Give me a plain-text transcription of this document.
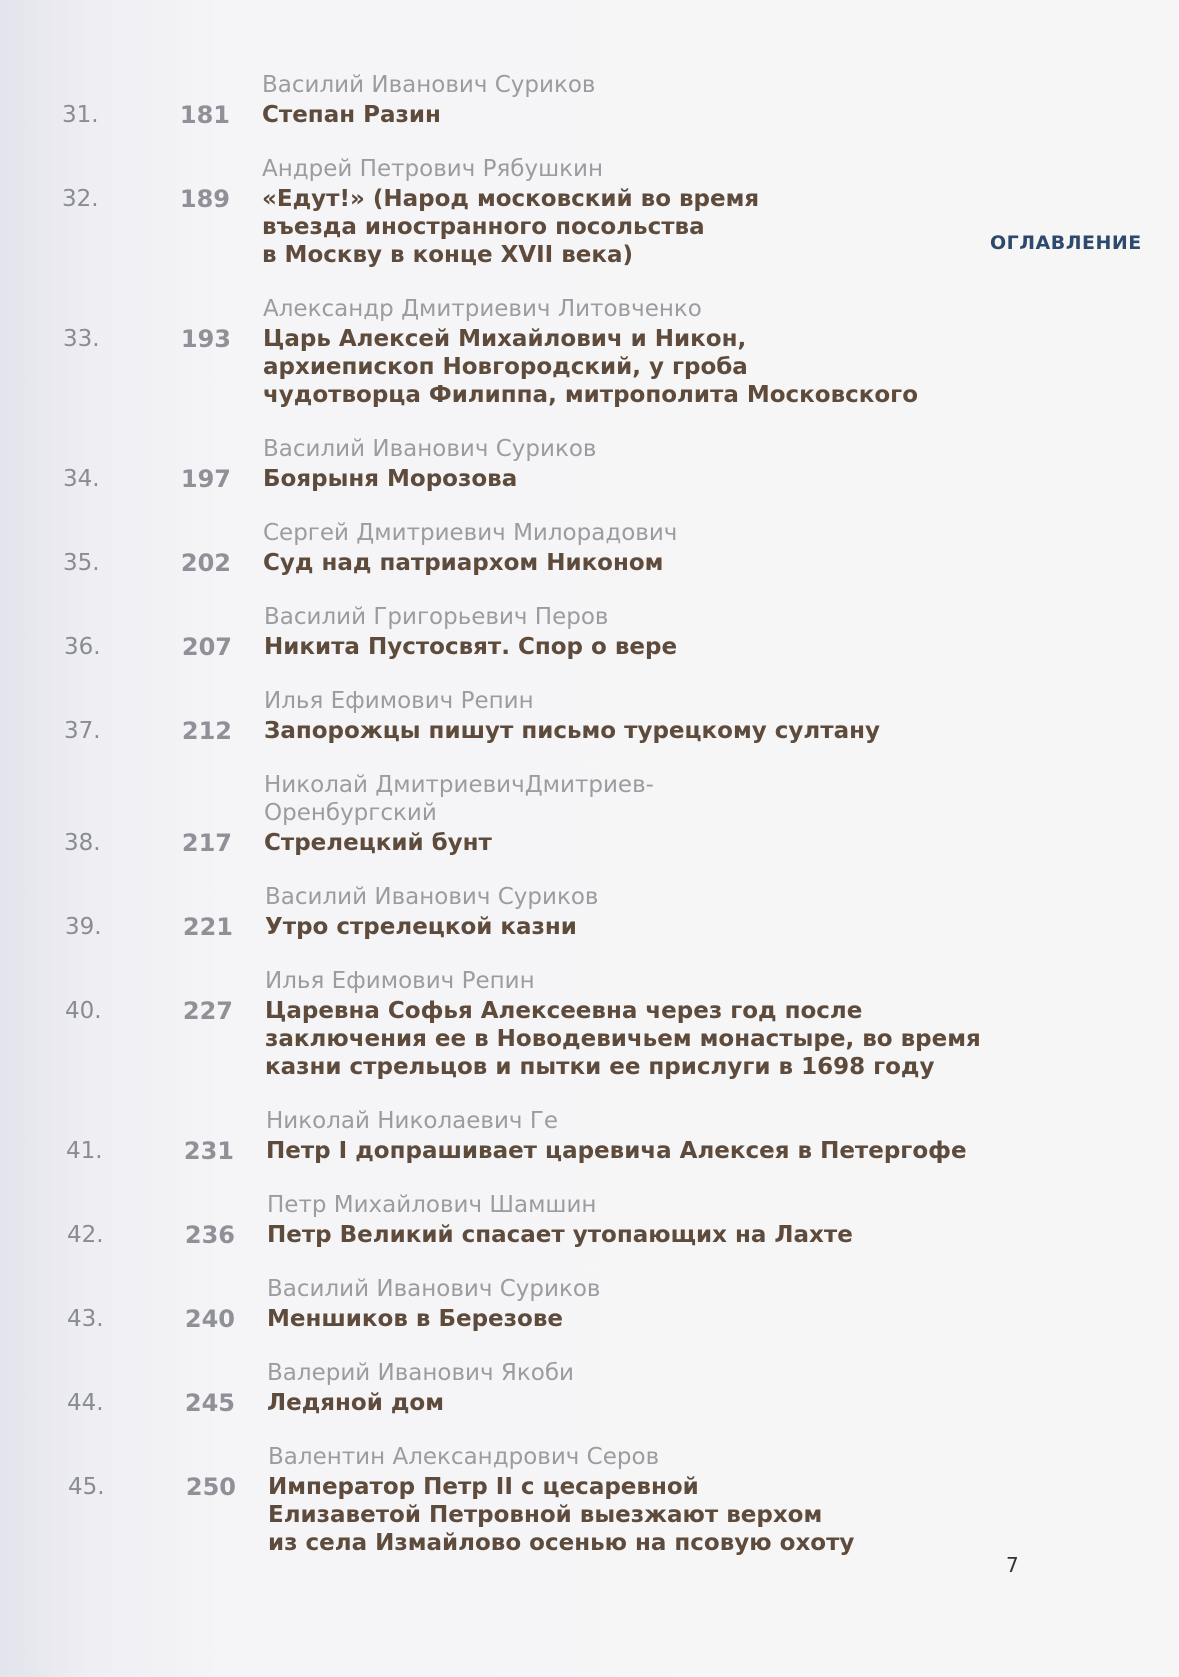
ОГЛАВЛЕНИЕ
Василий Иванович Суриков
31.	181 Степан Разин
Андрей Петрович Рябушкин
32.	189 «Едут!» (Народ московский во время
въезда иностранного посольства
в Москву в конце XVII века)
Александр Дмитриевич Литовченко
33.	193 Царь Алексей Михайлович и Никон,
архиепископ Новгородский, у гроба
чудотворца Филиппа, митрополита Московского
Василий Иванович Суриков
34.	197 Боярыня Морозова
Сергей Дмитриевич Милорадович
35.	202 Суд над патриархом Никоном
Василий Григорьевич Перов
36.	207 Никита Пустосвят. Спор о вере
Илья Ефимович Репин
37.	212 Запорожцы пишут письмо турецкому султану
Николай ДмитриевичДмитриев-
Оренбургский
38.	217 Стрелецкий бунт
Василий Иванович Суриков
39.	221 Утро стрелецкой казни
Илья Ефимович Репин
40.	227 Царевна Софья Алексеевна через год после
заключения ее в Новодевичьем монастыре, во время
казни стрельцов и пытки ее прислуги в 1698 году
Николай Николаевич Ге
41.	231 Петр I допрашивает царевича Алексея в Петергофе
Петр Михайлович Шамшин
42.	236 Петр Великий спасает утопающих на Лахте
Василий Иванович Суриков
43.	240 Меншиков в Березове
Валерий Иванович Якоби
44.	245 Ледяной дом
Валентин Александрович Серов
45.	250 Император Петр II с цесаревной
Елизаветой Петровной выезжают верхом
из села Измайлово осенью на псовую охоту
7
